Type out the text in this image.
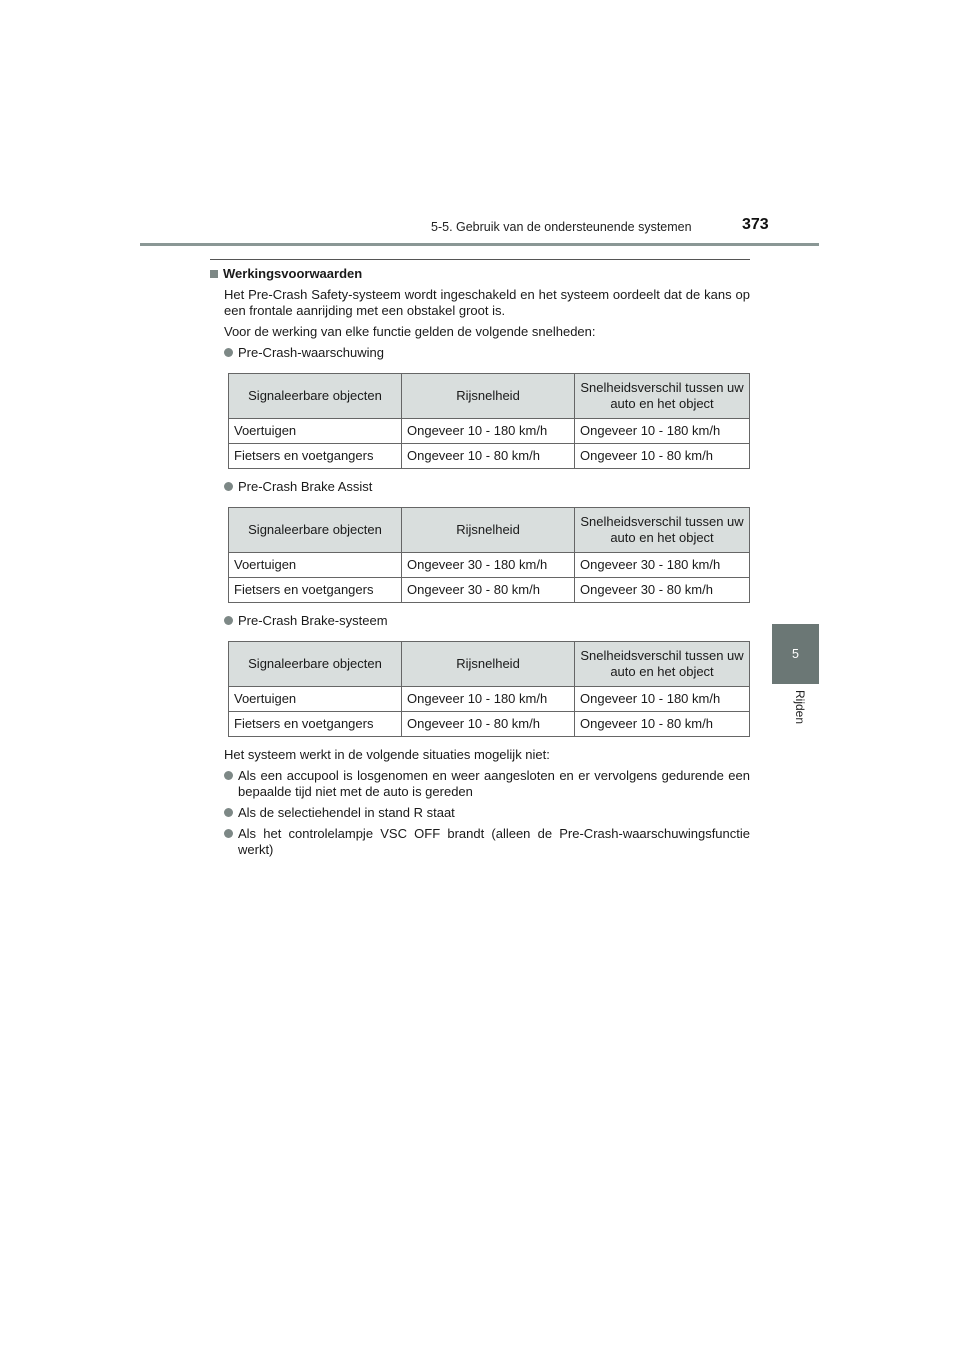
5-5. Gebruik van de ondersteunende systemen	373
5
Rijden
Werkingsvoorwaarden

Het Pre-Crash Safety-systeem wordt ingeschakeld en het systeem oordeelt dat de kans op een frontale aanrijding met een obstakel groot is.

Voor de werking van elke functie gelden de volgende snelheden:

Pre-Crash-waarschuwing
Signaleerbare objecten	Rijsnelheid	Snelheidsverschil tussen uw auto en het object
Voertuigen	Ongeveer 10 - 180 km/h	Ongeveer 10 - 180 km/h
Fietsers en voetgangers	Ongeveer 10 - 80 km/h	Ongeveer 10 - 80 km/h
Pre-Crash Brake Assist
Signaleerbare objecten	Rijsnelheid	Snelheidsverschil tussen uw auto en het object
Voertuigen	Ongeveer 30 - 180 km/h	Ongeveer 30 - 180 km/h
Fietsers en voetgangers	Ongeveer 30 - 80 km/h	Ongeveer 30 - 80 km/h
Pre-Crash Brake-systeem
Signaleerbare objecten	Rijsnelheid	Snelheidsverschil tussen uw auto en het object
Voertuigen	Ongeveer 10 - 180 km/h	Ongeveer 10 - 180 km/h
Fietsers en voetgangers	Ongeveer 10 - 80 km/h	Ongeveer 10 - 80 km/h

Het systeem werkt in de volgende situaties mogelijk niet:

Als een accupool is losgenomen en weer aangesloten en er vervolgens gedurende een bepaalde tijd niet met de auto is gereden
Als de selectiehendel in stand R staat
Als het controlelampje VSC OFF brandt (alleen de Pre-Crash-waarschuwingsfunctie werkt)
